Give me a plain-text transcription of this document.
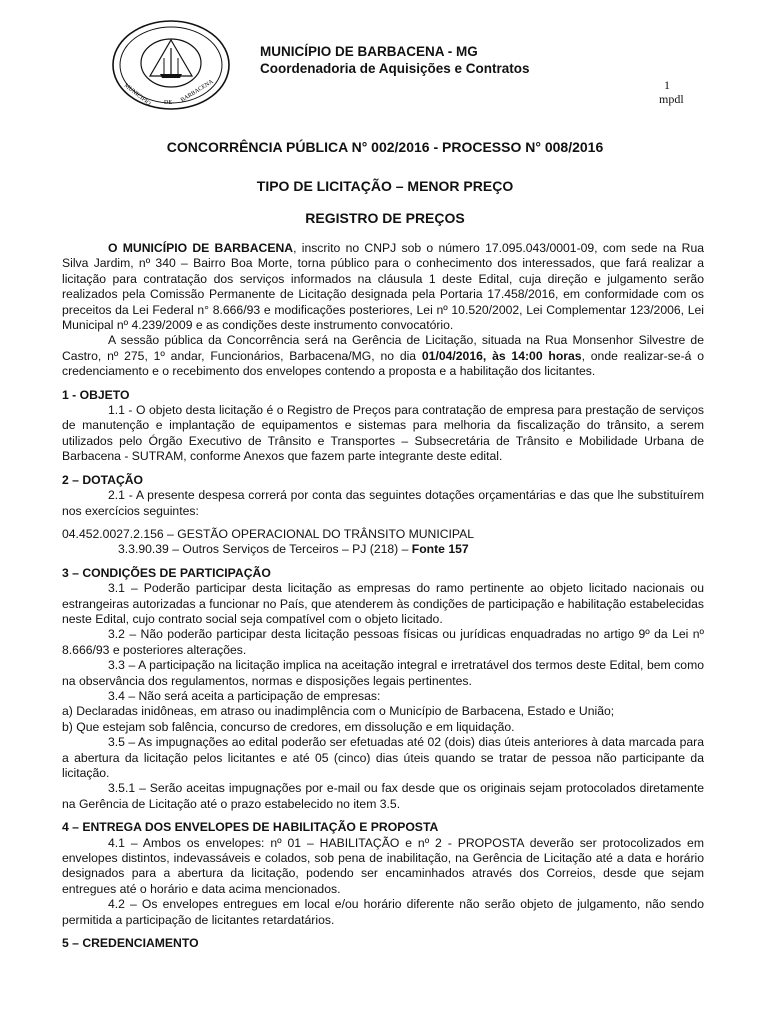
MUNICIPIO DE BARBACENA
MUNICÍPIO DE BARBACENA - MG
Coordenadoria de Aquisições e Contratos
1
mpdl
CONCORRÊNCIA PÚBLICA N° 002/2016 - PROCESSO N° 008/2016
TIPO DE LICITAÇÃO – MENOR PREÇO
REGISTRO DE PREÇOS

O MUNICÍPIO DE BARBACENA, inscrito no CNPJ sob o número 17.095.043/0001-09, com sede na Rua Silva Jardim, nº 340 – Bairro Boa Morte, torna público para o conhecimento dos interessados, que fará realizar a licitação para contratação dos serviços informados na cláusula 1 deste Edital, cuja direção e julgamento serão realizados pela Comissão Permanente de Licitação designada pela Portaria 17.458/2016, em conformidade com os preceitos da Lei Federal n° 8.666/93 e modificações posteriores, Lei nº 10.520/2002, Lei Complementar 123/2006, Lei Municipal nº 4.239/2009 e as condições deste instrumento convocatório.

A sessão pública da Concorrência será na Gerência de Licitação, situada na Rua Monsenhor Silvestre de Castro, nº 275, 1º andar, Funcionários, Barbacena/MG, no dia 01/04/2016, às 14:00 horas, onde realizar-se-á o credenciamento e o recebimento dos envelopes contendo a proposta e a habilitação dos licitantes.

1 - OBJETO

1.1 - O objeto desta licitação é o Registro de Preços para contratação de empresa para prestação de serviços de manutenção e implantação de equipamentos e sistemas para melhoria da fiscalização do trânsito, a serem utilizados pelo Órgão Executivo de Trânsito e Transportes – Subsecretária de Trânsito e Mobilidade Urbana de Barbacena - SUTRAM, conforme Anexos que fazem parte integrante deste edital.

2 – DOTAÇÃO

2.1 - A presente despesa correrá por conta das seguintes dotações orçamentárias e das que lhe substituírem nos exercícios seguintes:

04.452.0027.2.156 – GESTÃO OPERACIONAL DO TRÂNSITO MUNICIPAL

3.3.90.39 – Outros Serviços de Terceiros – PJ (218) – Fonte 157

3 – CONDIÇÕES DE PARTICIPAÇÃO

3.1 – Poderão participar desta licitação as empresas do ramo pertinente ao objeto licitado nacionais ou estrangeiras autorizadas a funcionar no País, que atenderem às condições de participação e habilitação estabelecidas neste Edital, cujo contrato social seja compatível com o objeto licitado.

3.2 – Não poderão participar desta licitação pessoas físicas ou jurídicas enquadradas no artigo 9º da Lei nº 8.666/93 e posteriores alterações.

3.3 – A participação na licitação implica na aceitação integral e irretratável dos termos deste Edital, bem como na observância dos regulamentos, normas e disposições legais pertinentes.

3.4 – Não será aceita a participação de empresas:

a) Declaradas inidôneas, em atraso ou inadimplência com o Município de Barbacena, Estado e União;

b) Que estejam sob falência, concurso de credores, em dissolução e em liquidação.

3.5 – As impugnações ao edital poderão ser efetuadas até 02 (dois) dias úteis anteriores à data marcada para a abertura da licitação pelos licitantes e até 05 (cinco) dias úteis quando se tratar de pessoa não participante da licitação.

3.5.1 – Serão aceitas impugnações por e-mail ou fax desde que os originais sejam protocolados diretamente na Gerência de Licitação até o prazo estabelecido no item 3.5.

4 – ENTREGA DOS ENVELOPES DE HABILITAÇÃO E PROPOSTA

4.1 – Ambos os envelopes: nº 01 – HABILITAÇÃO e nº 2 - PROPOSTA deverão ser protocolizados em envelopes distintos, indevassáveis e colados, sob pena de inabilitação, na Gerência de Licitação até a data e horário designados para a abertura da licitação, podendo ser encaminhados através dos Correios, desde que sejam entregues até o horário e data acima mencionados.

4.2 – Os envelopes entregues em local e/ou horário diferente não serão objeto de julgamento, não sendo permitida a participação de licitantes retardatários.

5 – CREDENCIAMENTO
